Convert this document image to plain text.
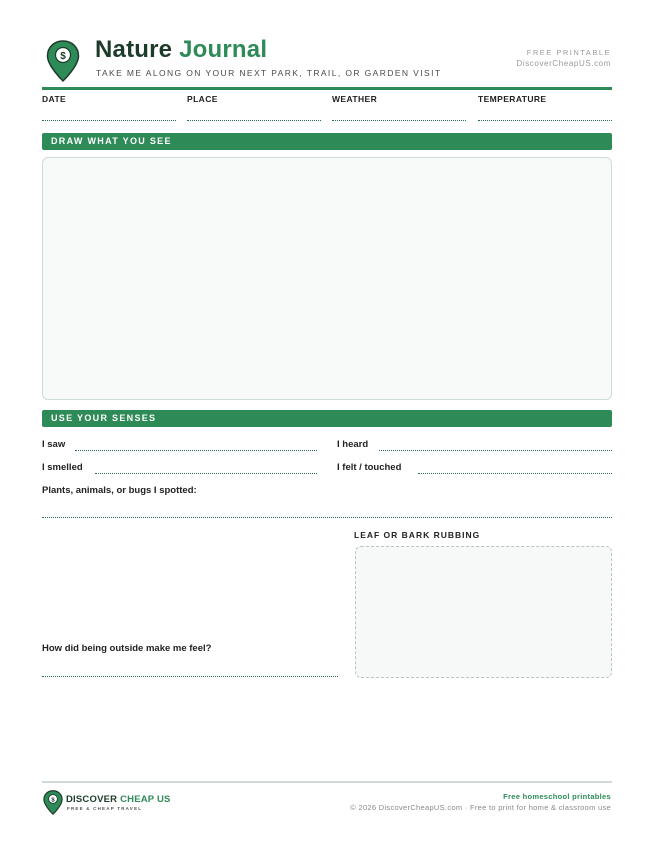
$ Nature Journal
TAKE ME ALONG ON YOUR NEXT PARK, TRAIL, OR GARDEN VISIT
FREE PRINTABLE
DiscoverCheapUS.com
DATE	PLACE	WEATHER	TEMPERATURE
DRAW WHAT YOU SEE
USE YOUR SENSES
I saw	I heard
I smelled	I felt / touched
Plants, animals, or bugs I spotted:
LEAF OR BARK RUBBING
How did being outside make me feel?
$ DISCOVER CHEAP US
FREE & CHEAP TRAVEL
Free homeschool printables
© 2026 DiscoverCheapUS.com · Free to print for home & classroom use
